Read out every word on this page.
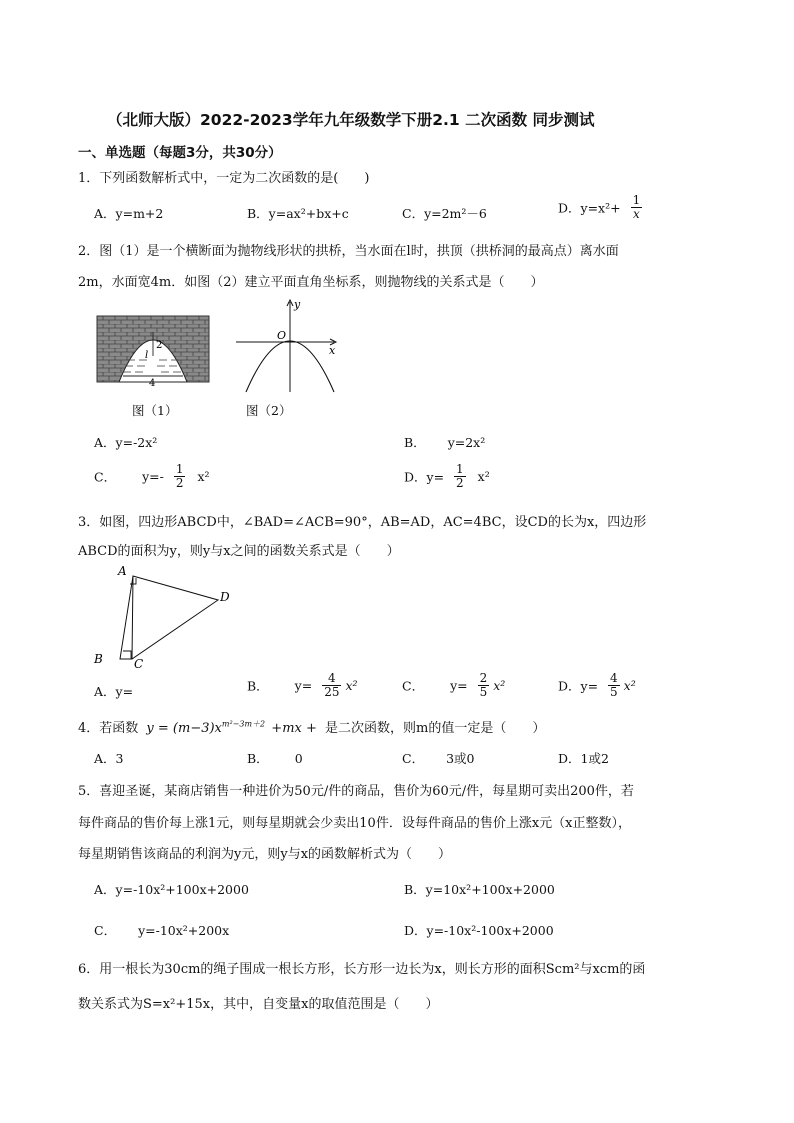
（北师大版）2022-2023学年九年级数学下册2.1 二次函数 同步测试
一、单选题（每题3分，共30分）
1．下列函数解析式中，一定为二次函数的是(　　)
A．y=m+2	B．y=ax²+bx+c	C．y=2m²－6	D．$y=x^2+ \frac{1}{x}$
2．图（1）是一个横断面为抛物线形状的拱桥，当水面在l时，拱顶（拱桥洞的最高点）离水面
2m，水面宽4m．如图（2）建立平面直角坐标系，则抛物线的关系式是（　　）
l
2
4
图（1）
y
x
O
图（2）
A．y=-2x²	B． y=2x²
C． $y=- \frac{1}{2} x^2$	D．$y= \frac{1}{2} x^2$
3．如图，四边形ABCD中，∠BAD=∠ACB=90°，AB=AD，AC=4BC，设CD的长为x，四边形
ABCD的面积为y，则y与x之间的函数关系式是（　　）
A
D
B	C
A．y=	B． $y= \frac{4}{25} x^2$	C． $y= \frac{2}{5} x^2$	D．$y= \frac{4}{5} x^2$
4．若函数 $y = (m-3)x^{m^2-3m+2} +mx$ + 是二次函数，则m的值一定是（　　）
A．3	B． 0	C． 3或0	D．1或2
5．喜迎圣诞，某商店销售一种进价为50元/件的商品，售价为60元/件，每星期可卖出200件，若
每件商品的售价每上涨1元，则每星期就会少卖出10件．设每件商品的售价上涨x元（x正整数），
每星期销售该商品的利润为y元，则y与x的函数解析式为（　　）
A．y=-10x²+100x+2000	B．y=10x²+100x+2000
C． y=-10x²+200x	D．y=-10x²-100x+2000
6．用一根长为30cm的绳子围成一根长方形，长方形一边长为x，则长方形的面积Scm²与xcm的函
数关系式为S=x²+15x，其中，自变量x的取值范围是（　　）
